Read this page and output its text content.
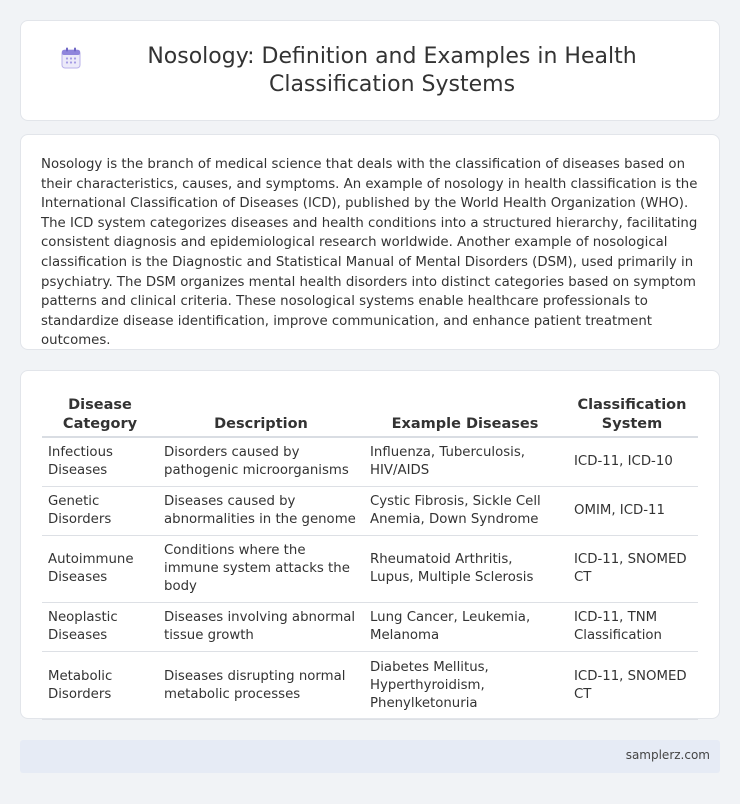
Nosology: Definition and Examples in Health Classification Systems

Nosology is the branch of medical science that deals with the classification of diseases based on their characteristics, causes, and symptoms. An example of nosology in health classification is the International Classification of Diseases (ICD), published by the World Health Organization (WHO). The ICD system categorizes diseases and health conditions into a structured hierarchy, facilitating consistent diagnosis and epidemiological research worldwide. Another example of nosological classification is the Diagnostic and Statistical Manual of Mental Disorders (DSM), used primarily in psychiatry. The DSM organizes mental health disorders into distinct categories based on symptom patterns and clinical criteria. These nosological systems enable healthcare professionals to standardize disease identification, improve communication, and enhance patient treatment outcomes.

Disease Category	Description	Example Diseases	Classification System
Infectious Diseases	Disorders caused by pathogenic microorganisms	Influenza, Tuberculosis, HIV/AIDS	ICD-11, ICD-10
Genetic Disorders	Diseases caused by abnormalities in the genome	Cystic Fibrosis, Sickle Cell Anemia, Down Syndrome	OMIM, ICD-11
Autoimmune Diseases	Conditions where the immune system attacks the body	Rheumatoid Arthritis, Lupus, Multiple Sclerosis	ICD-11, SNOMED CT
Neoplastic Diseases	Diseases involving abnormal tissue growth	Lung Cancer, Leukemia, Melanoma	ICD-11, TNM Classification
Metabolic Disorders	Diseases disrupting normal metabolic processes	Diabetes Mellitus, Hyperthyroidism, Phenylketonuria	ICD-11, SNOMED CT
samplerz.com
